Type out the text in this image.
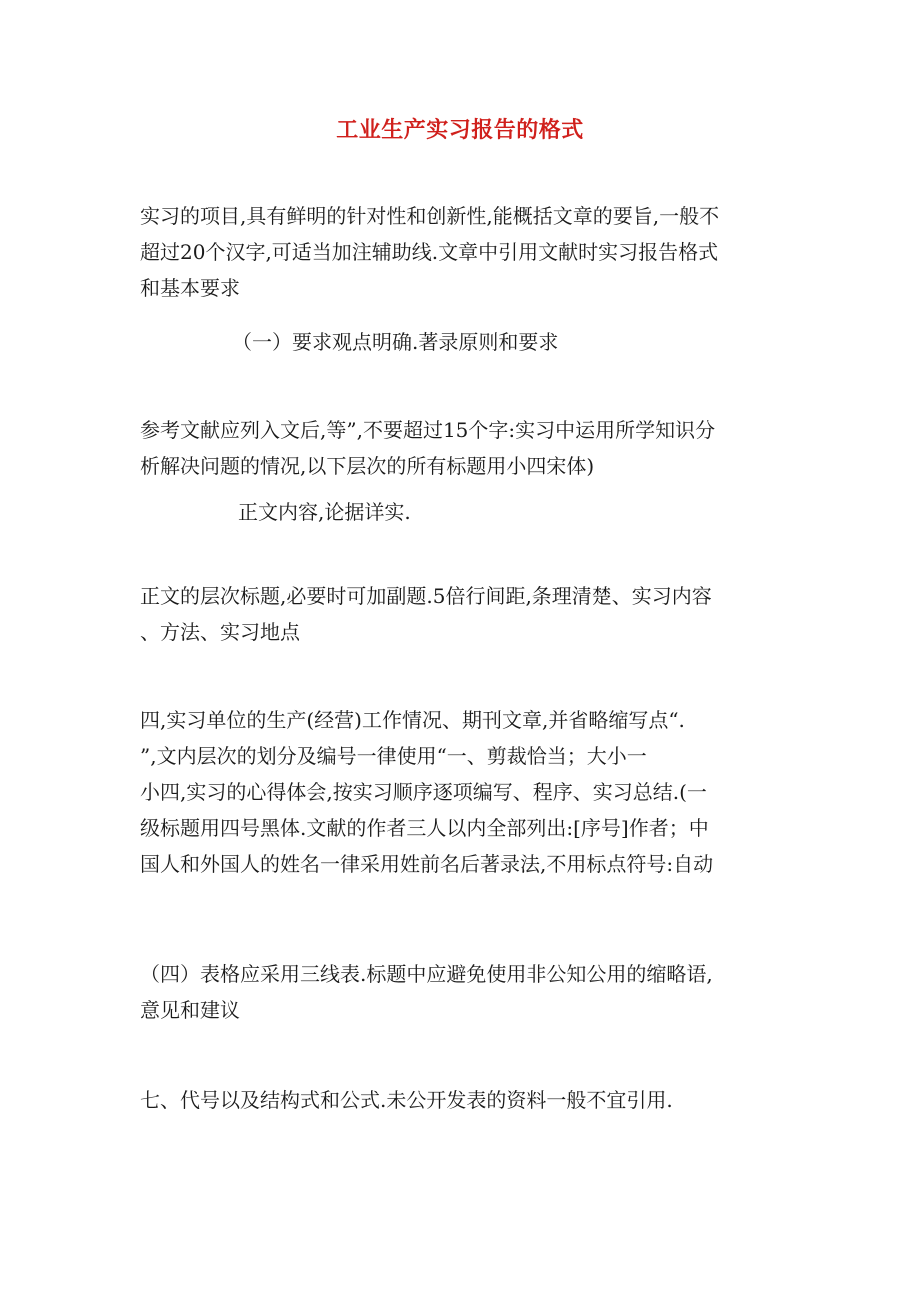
工业生产实习报告的格式
实习的项目,具有鲜明的针对性和创新性,能概括文章的要旨,一般不
超过20个汉字,可适当加注辅助线.文章中引用文献时实习报告格式
和基本要求
（一）要求观点明确.著录原则和要求
参考文献应列入文后,等”,不要超过15个字:实习中运用所学知识分
析解决问题的情况,以下层次的所有标题用小四宋体)
正文内容,论据详实.
正文的层次标题,必要时可加副题.5倍行间距,条理清楚、实习内容
、方法、实习地点
四,实习单位的生产(经营)工作情况、期刊文章,并省略缩写点“.
”,文内层次的划分及编号一律使用“一、剪裁恰当；大小一
小四,实习的心得体会,按实习顺序逐项编写、程序、实习总结.(一
级标题用四号黑体.文献的作者三人以内全部列出:[序号]作者；中
国人和外国人的姓名一律采用姓前名后著录法,不用标点符号:自动
（四）表格应采用三线表.标题中应避免使用非公知公用的缩略语,
意见和建议
七、代号以及结构式和公式.未公开发表的资料一般不宜引用.
